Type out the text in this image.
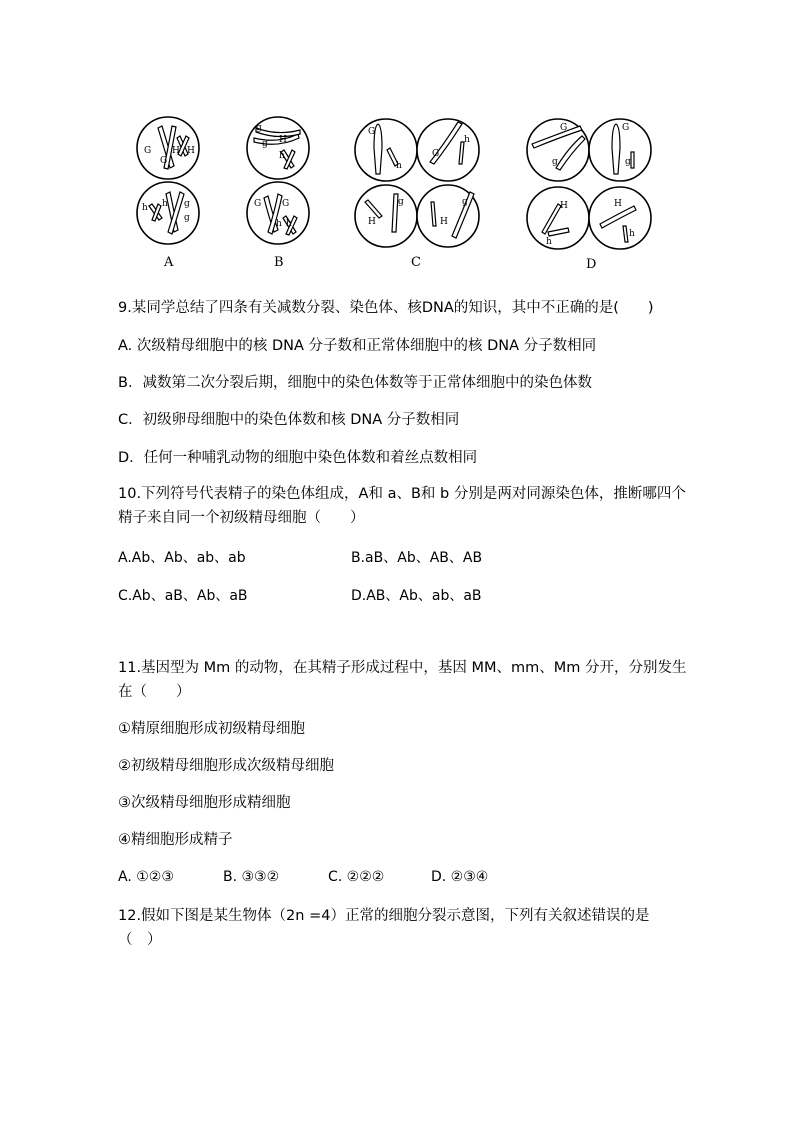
G
G
H H
h h g
g
A
g
g H
h
G G
h h
B
G
h
G
h
H
g
H
g
C
G
g
G
g
H
h
H
h
D
9.某同学总结了四条有关减数分裂、染色体、核DNA的知识，其中不正确的是(　　)
A. 次级精母细胞中的核 DNA 分子数和正常体细胞中的核 DNA 分子数相同
B．减数第二次分裂后期，细胞中的染色体数等于正常体细胞中的染色体数
C．初级卵母细胞中的染色体数和核 DNA 分子数相同
D．任何一种哺乳动物的细胞中染色体数和着丝点数相同
10.下列符号代表精子的染色体组成，A和 a、B和 b 分别是两对同源染色体，推断哪四个精子来自同一个初级精母细胞（　　）
A.Ab、Ab、ab、ab	B.aB、Ab、AB、AB
C.Ab、aB、Ab、aB	D.AB、Ab、ab、aB
11.基因型为 Mm 的动物，在其精子形成过程中，基因 MM、mm、Mm 分开，分别发生在（　　）
①精原细胞形成初级精母细胞
②初级精母细胞形成次级精母细胞
③次级精母细胞形成精细胞
④精细胞形成精子
A. ①②③	B. ③③②	C. ②②②	D. ②③④
12.假如下图是某生物体（2n =4）正常的细胞分裂示意图，下列有关叙述错误的是 （　）
